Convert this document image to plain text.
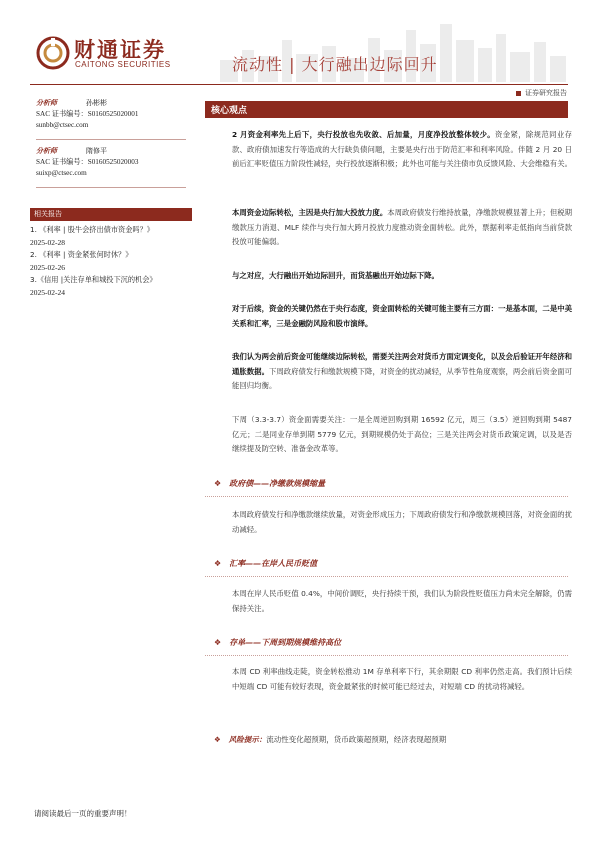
财通证券
CAITONG SECURITIES	流动性 | 大行融出边际回升
证券研究报告
分析师	孙彬彬
SAC 证书编号：S0160525020001
sunbb@ctsec.com
分析师	隋修平
SAC 证书编号：S0160525020003
suixp@ctsec.com
相关报告
1. 《利率 | 股牛会挤出债市资金吗？》
2025-02-28
2. 《利率 | 资金紧张何时休？》
2025-02-26
3.《信用 |关注存单和城投下沉的机会》
2025-02-24
核心观点
2 月资金利率先上后下，央行投放也先收敛、后加量，月度净投放整体较少。资金紧，除规范同业存款、政府债加速发行等造成的大行缺负债问题，主要是央行出于防范汇率和利率风险。伴随 2 月 20 日前后汇率贬值压力阶段性减轻，央行投放逐渐积极；此外也可能与关注债市负反馈风险、大会维稳有关。
本周资金边际转松，主因是央行加大投放力度。本周政府债发行维持放量，净缴款规模显著上升；但税期缴款压力消退、MLF 续作与央行加大跨月投放力度推动资金面转松。此外，票据利率走低指向当前贷款投放可能偏弱。
与之对应，大行融出开始边际回升，而货基融出开始边际下降。
对于后续，资金的关键仍然在于央行态度，资金面转松的关键可能主要有三方面：一是基本面，二是中美关系和汇率，三是金融防风险和股市演绎。
我们认为两会前后资金可能继续边际转松，需要关注两会对货币方面定调变化，以及会后验证开年经济和通胀数据。下周政府债发行和缴款规模下降，对资金的扰动减轻，从季节性角度观察，两会前后资金面可能回归均衡。
下周（3.3-3.7）资金面需要关注：一是全周逆回购到期 16592 亿元，周三（3.5）逆回购到期 5487 亿元；二是同业存单到期 5779 亿元，到期规模仍处于高位；三是关注两会对货币政策定调，以及是否继续提及防空转、准备金改革等。
❖ 政府债——净缴款规模缩量
本周政府债发行和净缴款继续放量，对资金形成压力；下周政府债发行和净缴款规模回落，对资金面的扰动减轻。
❖ 汇率——在岸人民币贬值
本周在岸人民币贬值 0.4%，中间价调贬，央行持续干预，我们认为阶段性贬值压力尚未完全解除，仍需保持关注。
❖ 存单——下周到期规模维持高位
本周 CD 利率曲线走陡，资金转松推动 1M 存单利率下行，其余期限 CD 利率仍然走高。我们预计后续中短端 CD 可能有较好表现，资金最紧张的时候可能已经过去，对短端 CD 的扰动将减轻。
❖ 风险提示：流动性变化超预期，货币政策超预期，经济表现超预期
请阅读最后一页的重要声明！
